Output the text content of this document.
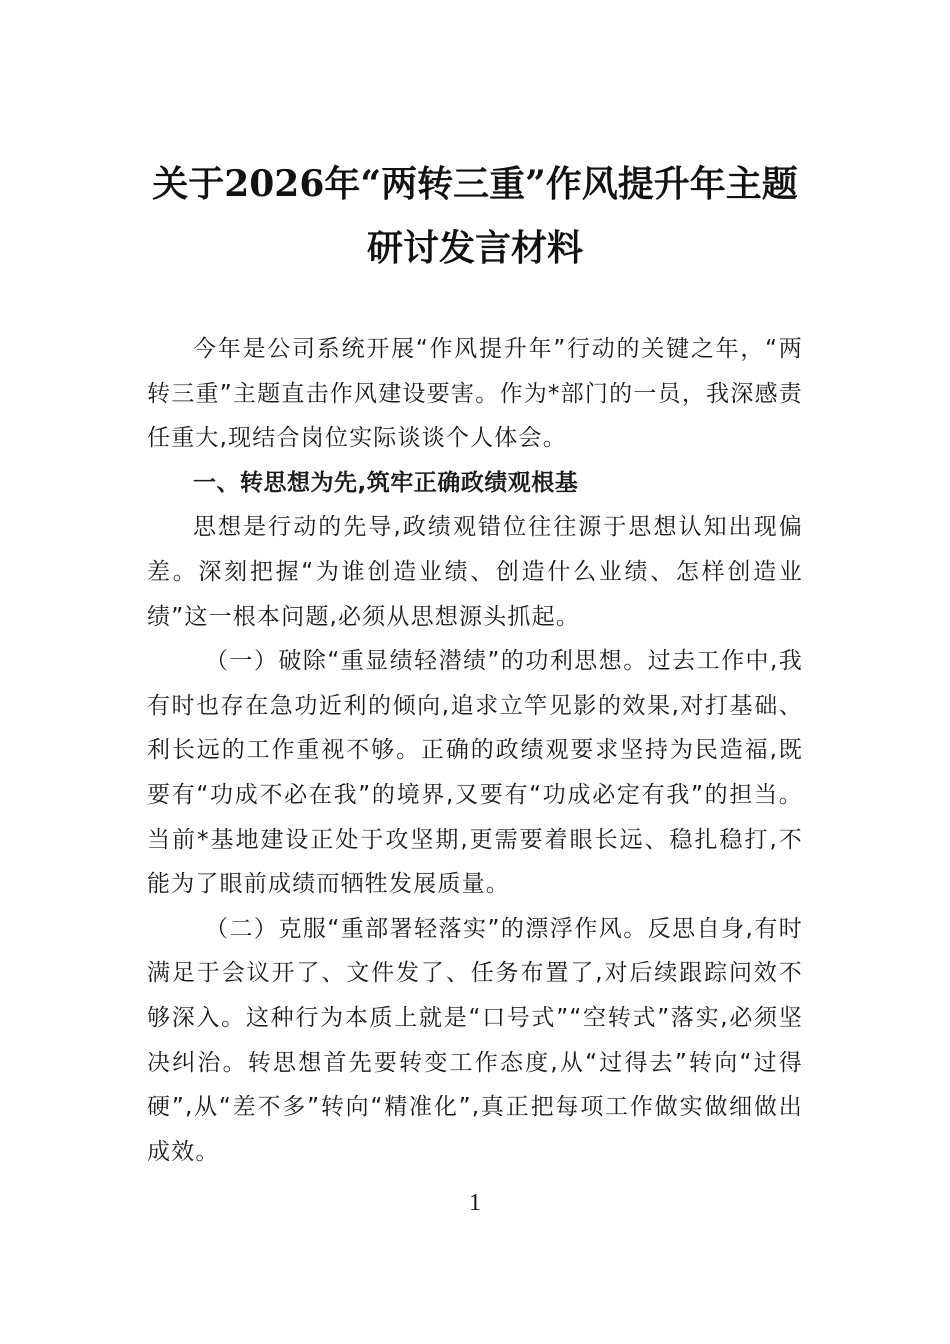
关于2026年“两转三重”作风提升年主题
研讨发言材料

今年是公司系统开展“作风提升年”行动的关键之年，“两转三重”主题直击作风建设要害。作为*部门的一员，我深感责任重大,现结合岗位实际谈谈个人体会。

一、转思想为先,筑牢正确政绩观根基

思想是行动的先导,政绩观错位往往源于思想认知出现偏差。深刻把握“为谁创造业绩、创造什么业绩、怎样创造业绩”这一根本问题,必须从思想源头抓起。

（一）破除“重显绩轻潜绩”的功利思想。过去工作中,我有时也存在急功近利的倾向,追求立竿见影的效果,对打基础、利长远的工作重视不够。正确的政绩观要求坚持为民造福,既要有“功成不必在我”的境界,又要有“功成必定有我”的担当。当前*基地建设正处于攻坚期,更需要着眼长远、稳扎稳打,不能为了眼前成绩而牺牲发展质量。

（二）克服“重部署轻落实”的漂浮作风。反思自身,有时满足于会议开了、文件发了、任务布置了,对后续跟踪问效不够深入。这种行为本质上就是“口号式”“空转式”落实,必须坚决纠治。转思想首先要转变工作态度,从“过得去”转向“过得硬”,从“差不多”转向“精准化”,真正把每项工作做实做细做出成效。

1
